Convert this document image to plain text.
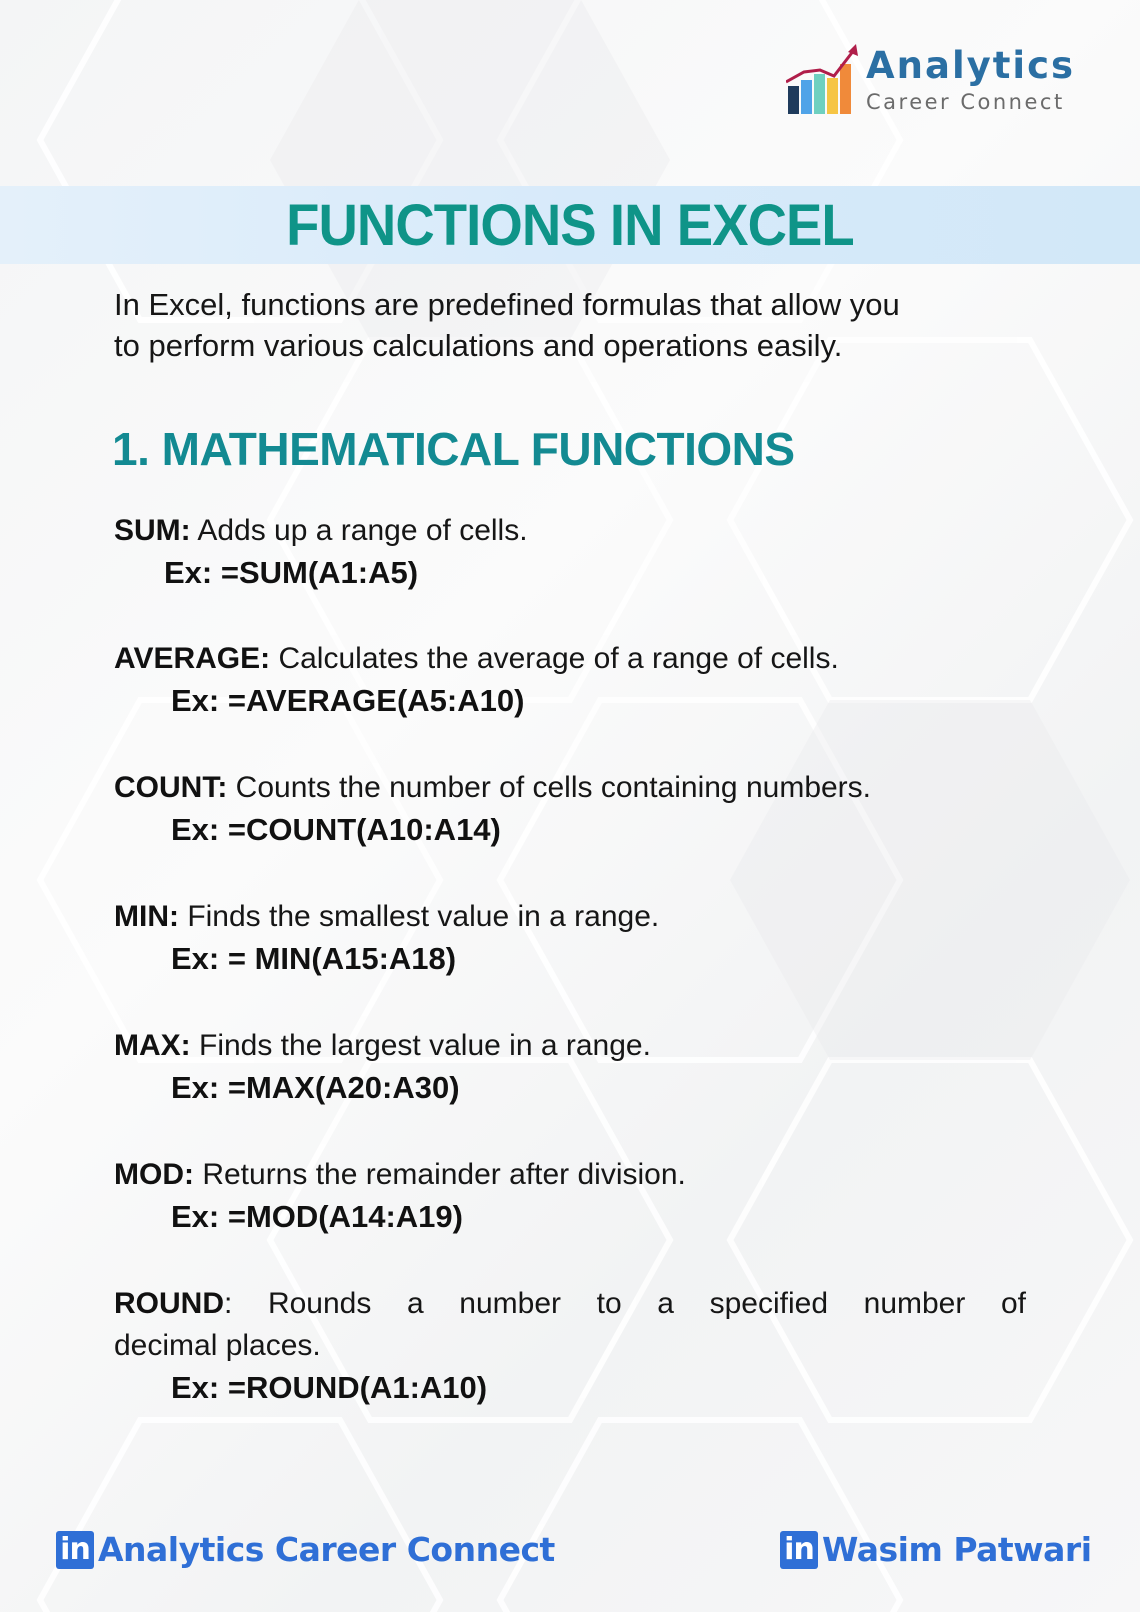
Analytics
Career Connect
FUNCTIONS IN EXCEL
In Excel, functions are predefined formulas that allow you
to perform various calculations and operations easily.
1. MATHEMATICAL FUNCTIONS
SUM: Adds up a range of cells.
Ex: =SUM(A1:A5)
AVERAGE: Calculates the average of a range of cells.
Ex: =AVERAGE(A5:A10)
COUNT: Counts the number of cells containing numbers.
Ex: =COUNT(A10:A14)
MIN: Finds the smallest value in a range.
Ex: = MIN(A15:A18)
MAX: Finds the largest value in a range.
Ex: =MAX(A20:A30)
MOD: Returns the remainder after division.
Ex: =MOD(A14:A19)
ROUND: Rounds a number to a specified number of
decimal places.
Ex: =ROUND(A1:A10)
in Analytics Career Connect	in Wasim Patwari
